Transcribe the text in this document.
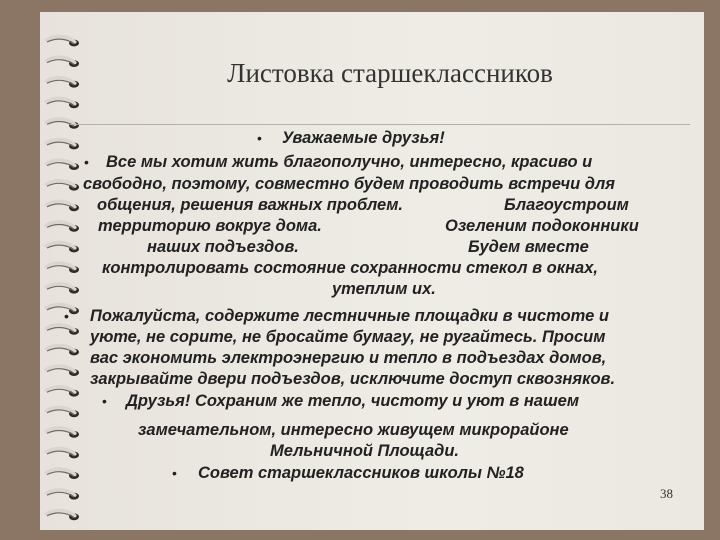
Листовка старшеклассников
• Уважаемые друзья!
• Все мы хотим жить благополучно, интересно, красиво и
свободно, поэтому, совместно будем проводить встречи для
общения, решения важных проблем.	Благоустроим
территорию вокруг дома.	Озеленим подоконники
наших подъездов.	Будем вместе
контролировать состояние сохранности стекол в окнах,
утеплим их.
• Пожалуйста, содержите лестничные площадки в чистоте и
уюте, не сорите, не бросайте бумагу, не ругайтесь. Просим
вас экономить электроэнергию и тепло в подъездах домов,
закрывайте двери подъездов, исключите доступ сквозняков.
• Друзья! Сохраним же тепло, чистоту и уют в нашем
замечательном, интересно живущем микрорайоне
Мельничной Площади.
• Совет старшеклассников школы №18
38
